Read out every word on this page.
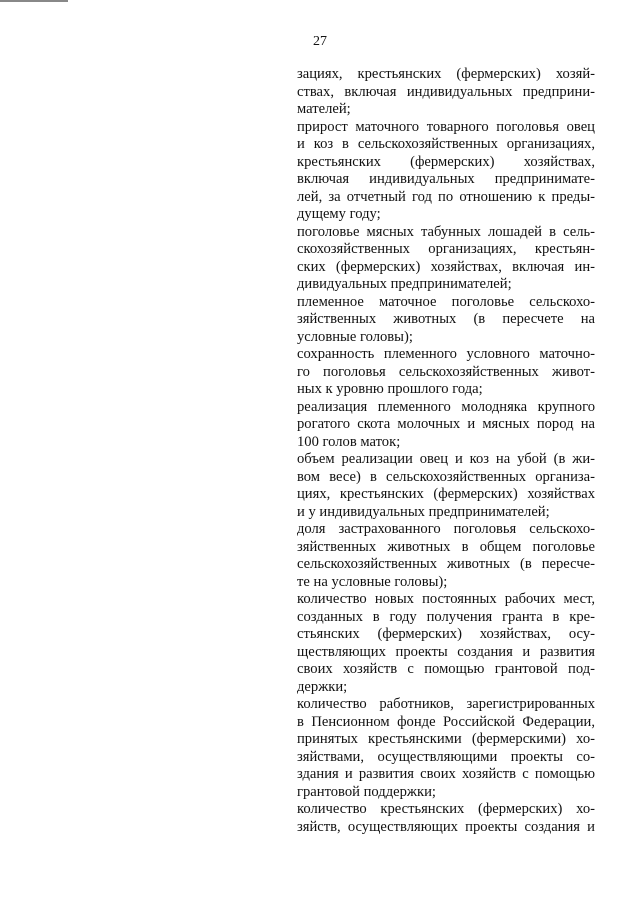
27
зациях, крестьянских (фермерских) хозяй-
ствах, включая индивидуальных предприни-
мателей;
прирост маточного товарного поголовья овец
и коз в сельскохозяйственных организациях,
крестьянских (фермерских) хозяйствах,
включая индивидуальных предпринимате-
лей, за отчетный год по отношению к преды-
дущему году;
поголовье мясных табунных лошадей в сель-
скохозяйственных организациях, крестьян-
ских (фермерских) хозяйствах, включая ин-
дивидуальных предпринимателей;
племенное маточное поголовье сельскохо-
зяйственных животных (в пересчете на
условные головы);
сохранность племенного условного маточно-
го поголовья сельскохозяйственных живот-
ных к уровню прошлого года;
реализация племенного молодняка крупного
рогатого скота молочных и мясных пород на
100 голов маток;
объем реализации овец и коз на убой (в жи-
вом весе) в сельскохозяйственных организа-
циях, крестьянских (фермерских) хозяйствах
и у индивидуальных предпринимателей;
доля застрахованного поголовья сельскохо-
зяйственных животных в общем поголовье
сельскохозяйственных животных (в пересче-
те на условные головы);
количество новых постоянных рабочих мест,
созданных в году получения гранта в кре-
стьянских (фермерских) хозяйствах, осу-
ществляющих проекты создания и развития
своих хозяйств с помощью грантовой под-
держки;
количество работников, зарегистрированных
в Пенсионном фонде Российской Федерации,
принятых крестьянскими (фермерскими) хо-
зяйствами, осуществляющими проекты со-
здания и развития своих хозяйств с помощью
грантовой поддержки;
количество крестьянских (фермерских) хо-
зяйств, осуществляющих проекты создания и
